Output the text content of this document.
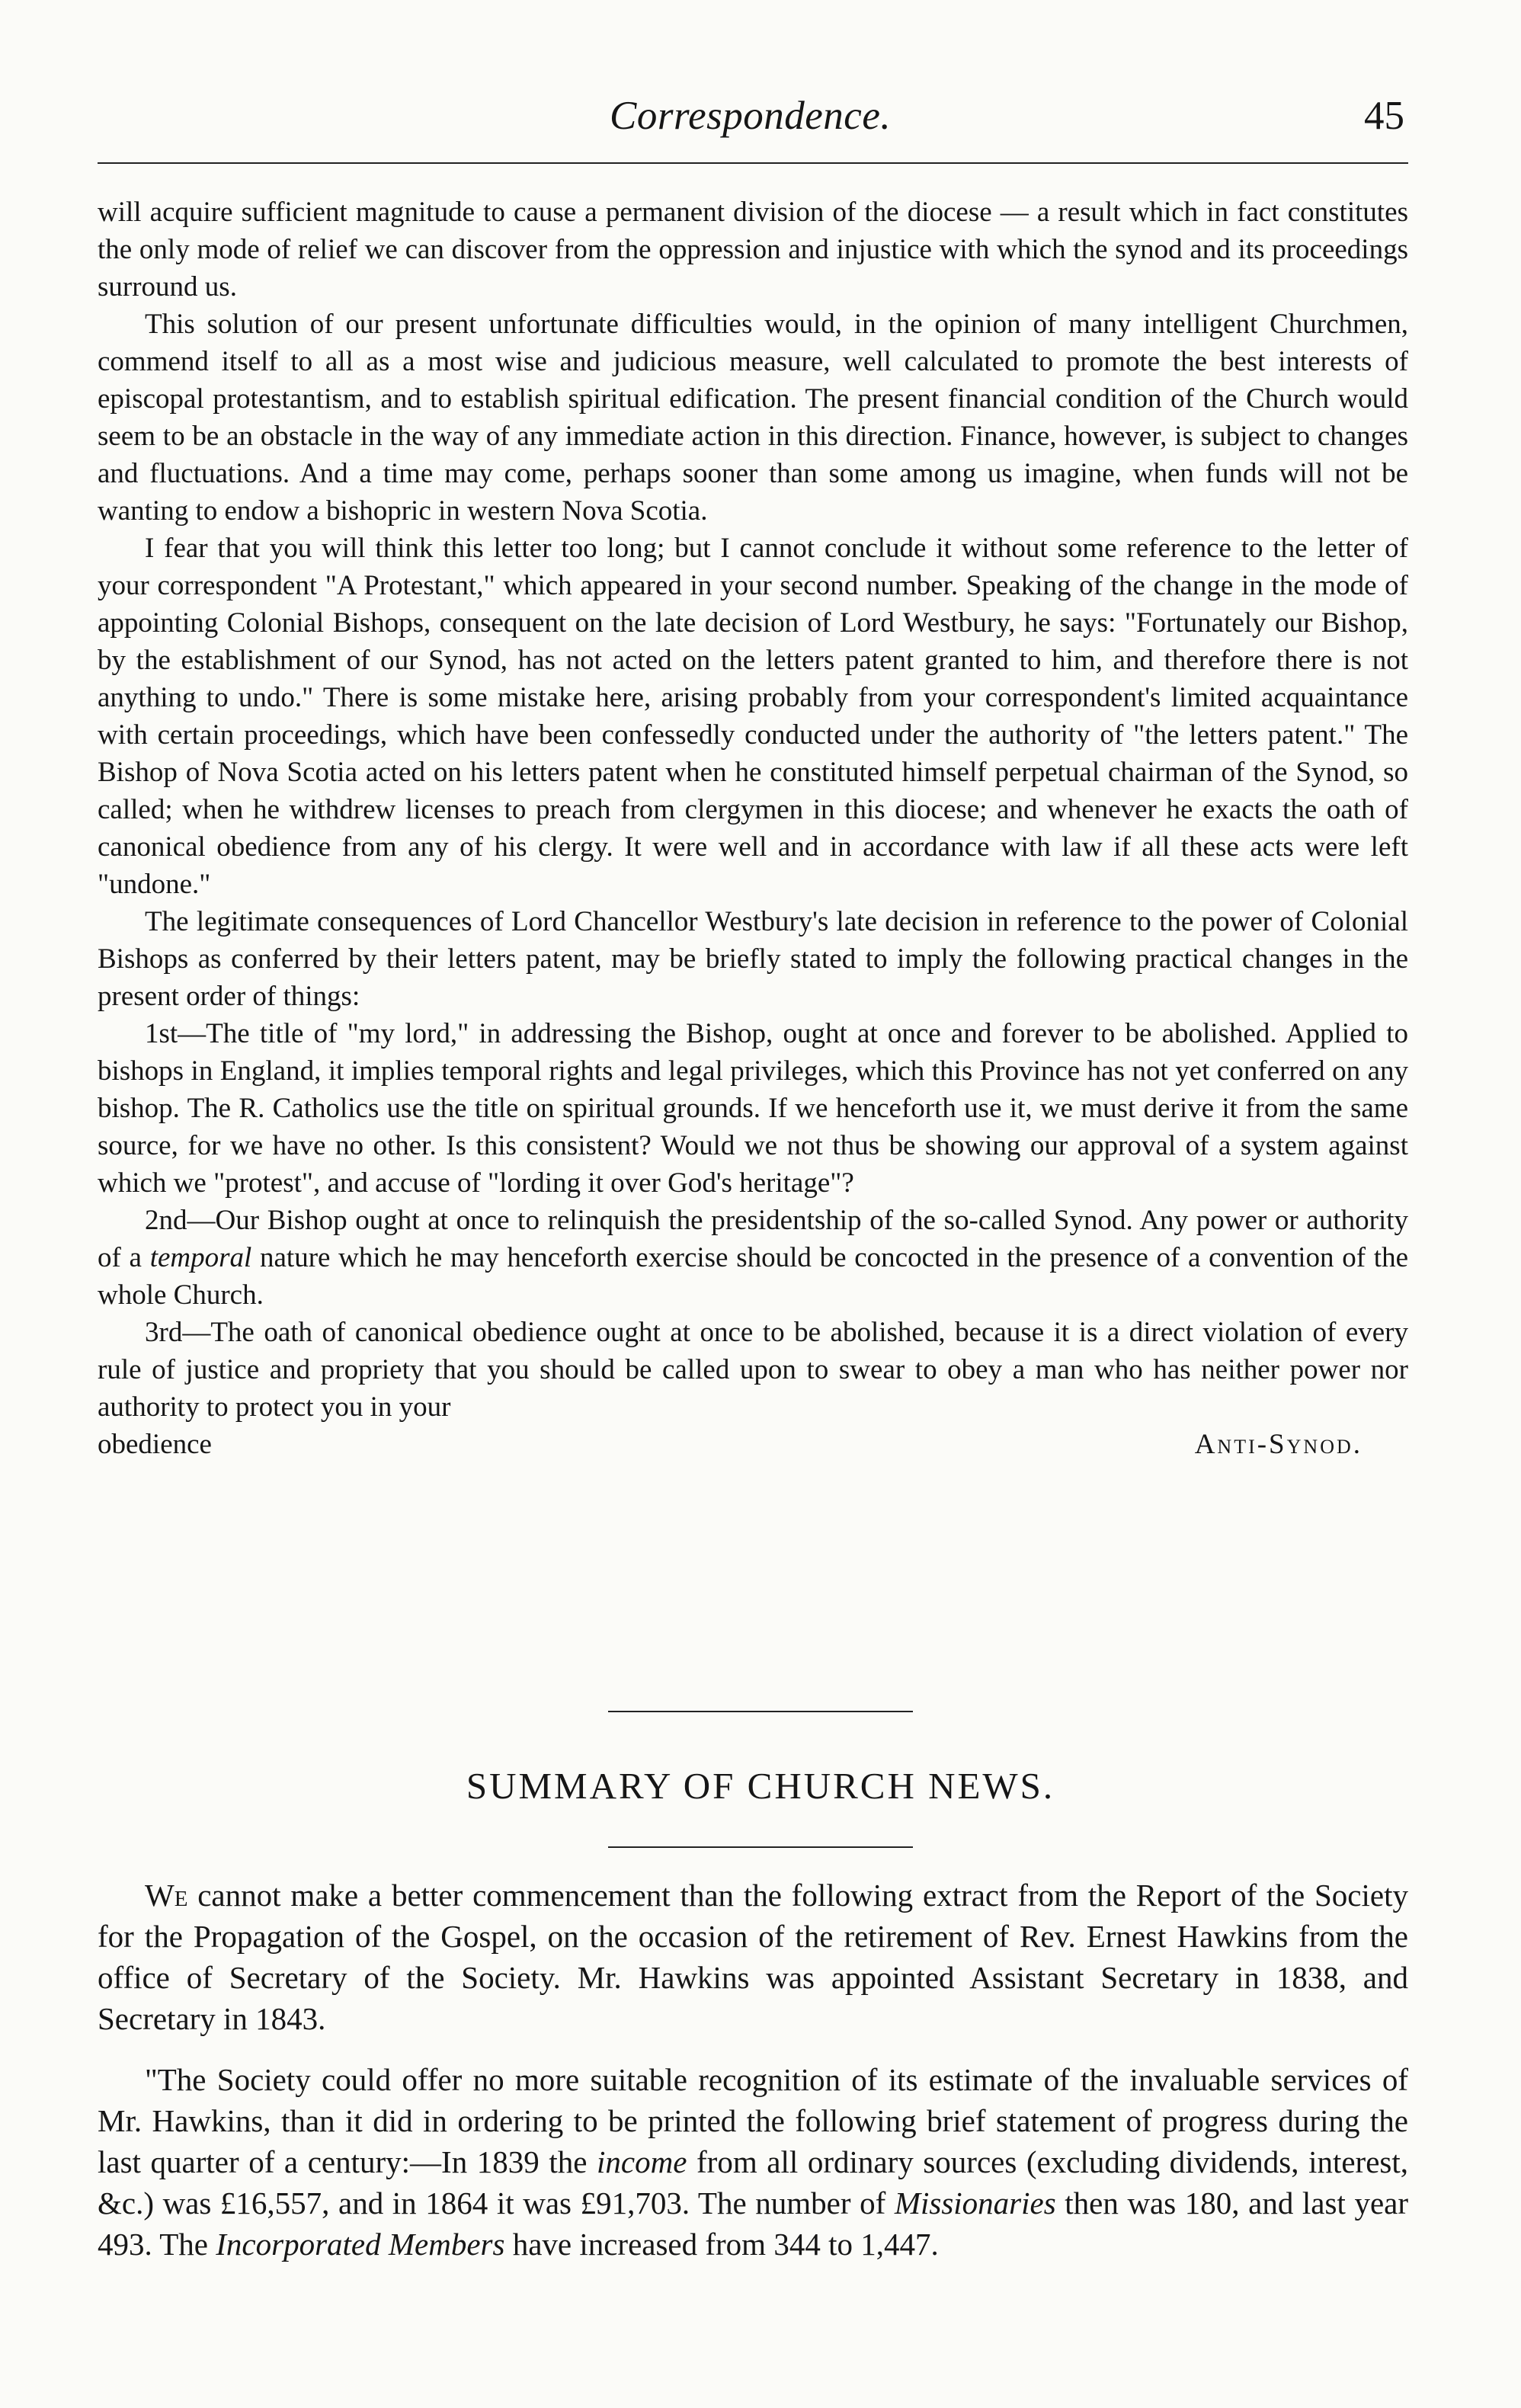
Correspondence.	45

will acquire sufficient magnitude to cause a permanent division of the diocese — a result which in fact constitutes the only mode of relief we can discover from the oppression and injustice with which the synod and its proceedings surround us.

This solution of our present unfortunate difficulties would, in the opinion of many intelligent Churchmen, commend itself to all as a most wise and judicious measure, well calculated to promote the best interests of episcopal protestantism, and to establish spiritual edification. The present financial condition of the Church would seem to be an obstacle in the way of any immediate action in this direction. Finance, however, is subject to changes and fluctuations. And a time may come, perhaps sooner than some among us imagine, when funds will not be wanting to endow a bishopric in western Nova Scotia.

I fear that you will think this letter too long; but I cannot conclude it without some reference to the letter of your correspondent "A Protestant," which appeared in your second number. Speaking of the change in the mode of appointing Colonial Bishops, consequent on the late decision of Lord Westbury, he says: "Fortunately our Bishop, by the establishment of our Synod, has not acted on the letters patent granted to him, and therefore there is not anything to undo." There is some mistake here, arising probably from your correspondent's limited acquaintance with certain proceedings, which have been confessedly conducted under the authority of "the letters patent." The Bishop of Nova Scotia acted on his letters patent when he constituted himself perpetual chairman of the Synod, so called; when he withdrew licenses to preach from clergymen in this diocese; and whenever he exacts the oath of canonical obedience from any of his clergy. It were well and in accordance with law if all these acts were left "undone."

The legitimate consequences of Lord Chancellor Westbury's late decision in reference to the power of Colonial Bishops as conferred by their letters patent, may be briefly stated to imply the following practical changes in the present order of things:

1st—The title of "my lord," in addressing the Bishop, ought at once and forever to be abolished. Applied to bishops in England, it implies temporal rights and legal privileges, which this Province has not yet conferred on any bishop. The R. Catholics use the title on spiritual grounds. If we henceforth use it, we must derive it from the same source, for we have no other. Is this consistent? Would we not thus be showing our approval of a system against which we "protest", and accuse of "lording it over God's heritage"?

2nd—Our Bishop ought at once to relinquish the presidentship of the so-called Synod. Any power or authority of a temporal nature which he may henceforth exercise should be concocted in the presence of a convention of the whole Church.

3rd—The oath of canonical obedience ought at once to be abolished, because it is a direct violation of every rule of justice and propriety that you should be called upon to swear to obey a man who has neither power nor authority to protect you in your

obedience	Anti-Synod.
SUMMARY OF CHURCH NEWS.

We cannot make a better commencement than the following extract from the Report of the Society for the Propagation of the Gospel, on the occasion of the retirement of Rev. Ernest Hawkins from the office of Secretary of the Society. Mr. Hawkins was appointed Assistant Secretary in 1838, and Secretary in 1843.

"The Society could offer no more suitable recognition of its estimate of the invaluable services of Mr. Hawkins, than it did in ordering to be printed the following brief statement of progress during the last quarter of a century:—In 1839 the income from all ordinary sources (excluding dividends, interest, &c.) was £16,557, and in 1864 it was £91,703. The number of Missionaries then was 180, and last year 493. The Incorporated Members have increased from 344 to 1,447.
